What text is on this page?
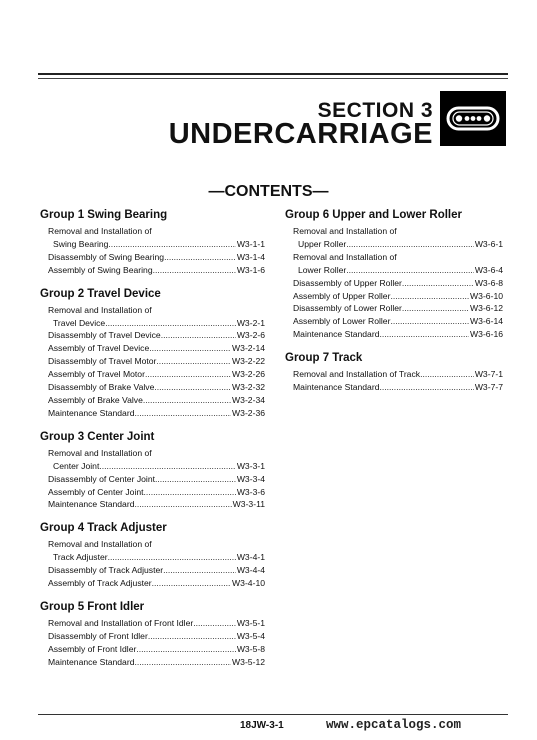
SECTION 3
UNDERCARRIAGE
—CONTENTS—
Group 1 Swing Bearing
Removal and Installation of
Swing Bearing .....	W3-1-1
Disassembly of Swing Bearing .....	W3-1-4
Assembly of Swing Bearing .....	W3-1-6
Group 2 Travel Device
Removal and Installation of
Travel Device .....	W3-2-1
Disassembly of Travel Device .....	W3-2-6
Assembly of Travel Device .....	W3-2-14
Disassembly of Travel Motor .....	W3-2-22
Assembly of Travel Motor .....	W3-2-26
Disassembly of Brake Valve .....	W3-2-32
Assembly of Brake Valve .....	W3-2-34
Maintenance Standard .....	W3-2-36
Group 3 Center Joint
Removal and Installation of
Center Joint .....	W3-3-1
Disassembly of Center Joint .....	W3-3-4
Assembly of Center Joint .....	W3-3-6
Maintenance Standard .....	W3-3-11
Group 4 Track Adjuster
Removal and Installation of
Track Adjuster .....	W3-4-1
Disassembly of Track Adjuster .....	W3-4-4
Assembly of Track Adjuster .....	W3-4-10
Group 5 Front Idler
Removal and Installation of Front Idler .....	W3-5-1
Disassembly of Front Idler .....	W3-5-4
Assembly of Front Idler .....	W3-5-8
Maintenance Standard .....	W3-5-12
Group 6 Upper and Lower Roller
Removal and Installation of
Upper Roller .....	W3-6-1
Removal and Installation of
Lower Roller .....	W3-6-4
Disassembly of Upper Roller .....	W3-6-8
Assembly of Upper Roller .....	W3-6-10
Disassembly of Lower Roller .....	W3-6-12
Assembly of Lower Roller .....	W3-6-14
Maintenance Standard .....	W3-6-16
Group 7 Track
Removal and Installation of Track .....	W3-7-1
Maintenance Standard .....	W3-7-7
18JW-3-1	www.epcatalogs.com
